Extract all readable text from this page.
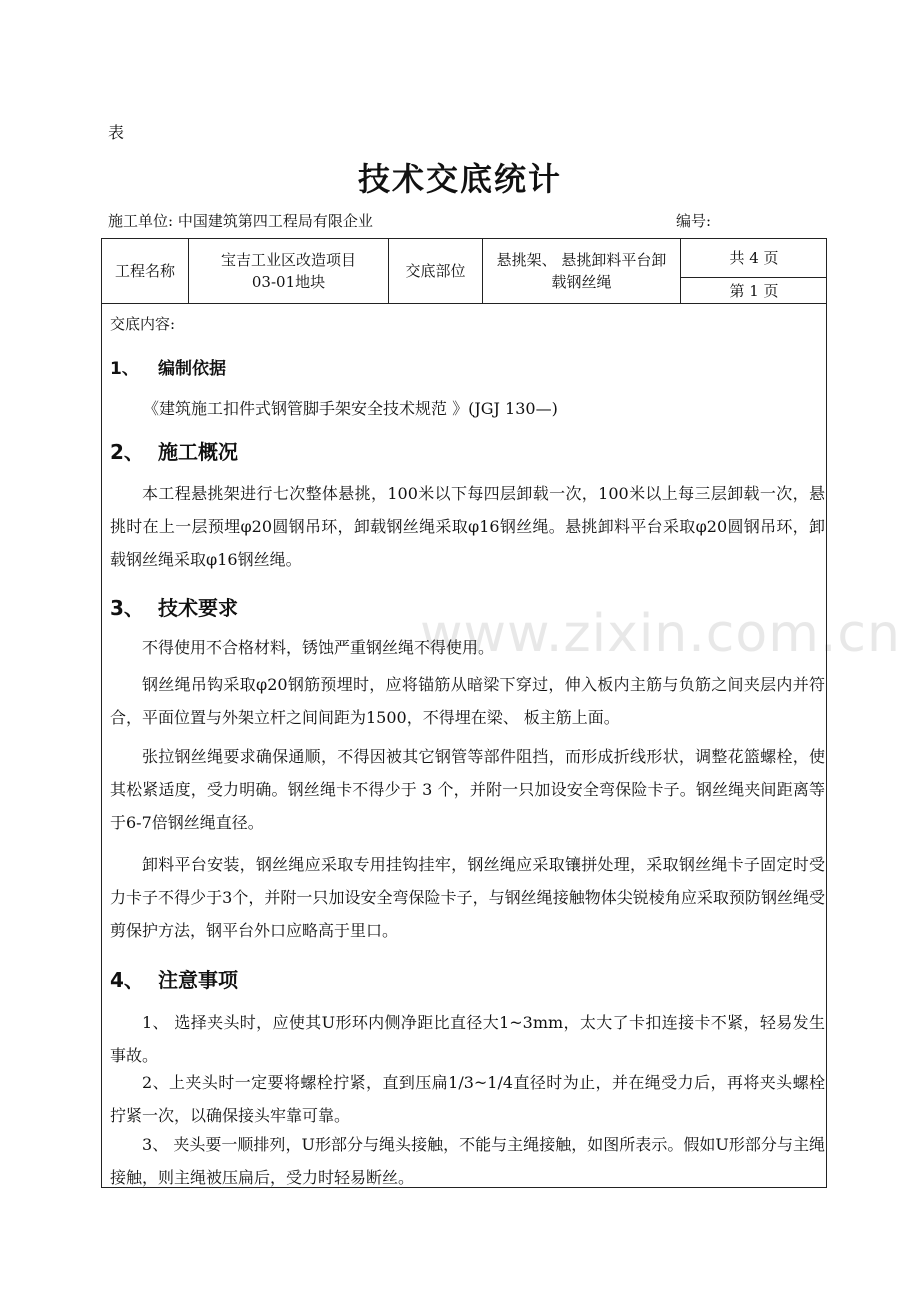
www.zixin.com.cn
表
技术交底统计
施工单位: 中国建筑第四工程局有限企业	编号:
工程名称
宝吉工业区改造项目
03-01地块
交底部位
悬挑架、 悬挑卸料平台卸
载钢丝绳
共 4 页
第 1 页
交底内容:
1、 编制依据
《建筑施工扣件式钢管脚手架安全技术规范 》(JGJ 130—)
2、 施工概况
本工程悬挑架进行七次整体悬挑，100米以下每四层卸载一次，100米以上每三层卸载一次，悬挑时在上一层预埋φ20圆钢吊环，卸载钢丝绳采取φ16钢丝绳。悬挑卸料平台采取φ20圆钢吊环，卸载钢丝绳采取φ16钢丝绳。
3、 技术要求
不得使用不合格材料，锈蚀严重钢丝绳不得使用。
钢丝绳吊钩采取φ20钢筋预埋时，应将锚筋从暗梁下穿过，伸入板内主筋与负筋之间夹层内并符合，平面位置与外架立杆之间间距为1500，不得埋在梁、 板主筋上面。
张拉钢丝绳要求确保通顺，不得因被其它钢管等部件阻挡，而形成折线形状，调整花篮螺栓，使其松紧适度，受力明确。钢丝绳卡不得少于 3 个，并附一只加设安全弯保险卡子。钢丝绳夹间距离等于6-7倍钢丝绳直径。
卸料平台安装，钢丝绳应采取专用挂钩挂牢，钢丝绳应采取镶拼处理，采取钢丝绳卡子固定时受力卡子不得少于3个，并附一只加设安全弯保险卡子，与钢丝绳接触物体尖锐棱角应采取预防钢丝绳受剪保护方法，钢平台外口应略高于里口。
4、 注意事项
1、 选择夹头时，应使其U形环内侧净距比直径大1~3mm，太大了卡扣连接卡不紧，轻易发生事故。
2、上夹头时一定要将螺栓拧紧，直到压扁1/3~1/4直径时为止，并在绳受力后，再将夹头螺栓拧紧一次，以确保接头牢靠可靠。
3、 夹头要一顺排列，U形部分与绳头接触，不能与主绳接触，如图所表示。假如U形部分与主绳接触，则主绳被压扁后，受力时轻易断丝。
